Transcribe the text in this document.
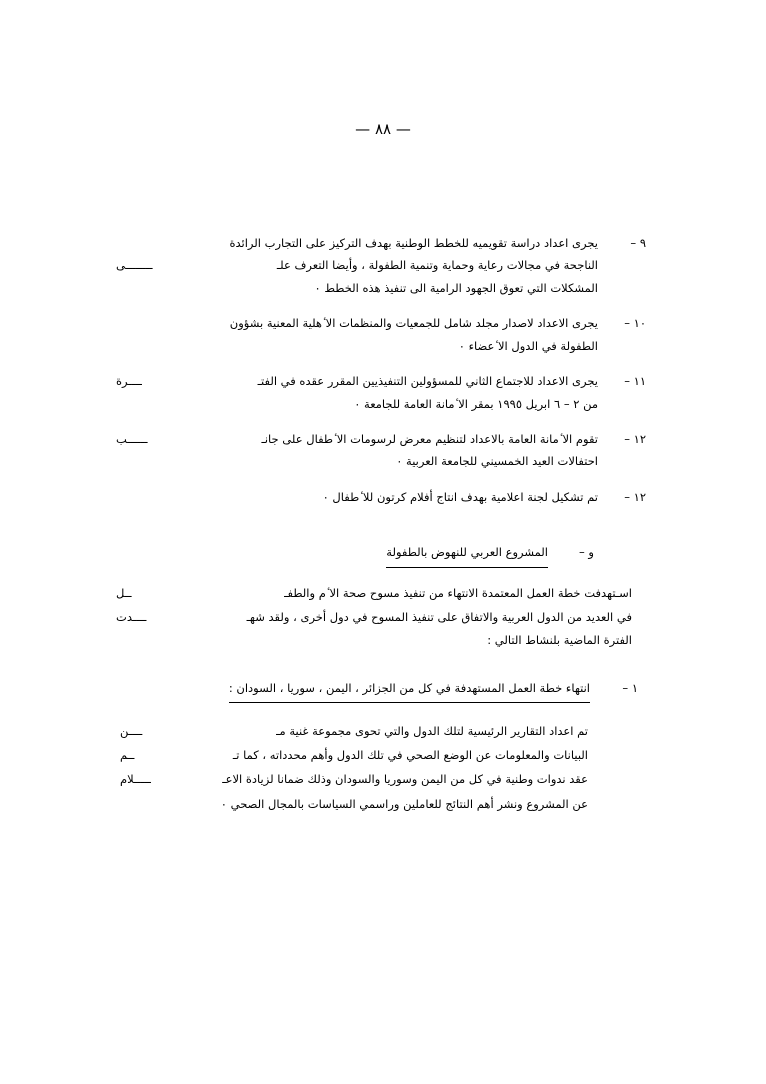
— ٨٨ —
٩ –
يجرى اعداد دراسة تقويميه للخطط الوطنية بهدف التركيز على التجارب الرائدة
الناجحة في مجالات رعاية وحماية وتنمية الطفولة ، وأيضا التعرف علـ
ــــــــى
المشكلات التي تعوق الجهود الرامية الى تنفيذ هذه الخطط ٠
١٠ –
يجرى الاعداد لاصدار مجلد شامل للجمعيات والمنظمات الا ٔهلية المعنية بشؤون
الطفولة في الدول الا ٔعضاء ٠
١١ –
يجرى الاعداد للاجتماع الثاني للمسؤولين التنفيذيين المقرر عقده في الفتـ
ــــرة
من ٢ – ٦ ابريل ١٩٩٥ بمقر الا ٔمانة العامة للجامعة ٠
١٢ –
تقوم الا ٔمانة العامة بالاعداد لتنظيم معرض لرسومات الا ٔطفال على جانـ
ــــــب
احتفالات العيد الخمسيني للجامعة العربية ٠
١٢ –
تم تشكيل لجنة اعلامية بهدف انتاج أفلام كرتون للا ٔطفال ٠
و –
المشروع العربي للنهوض بالطفولة
اسـتهدفت خطة العمل المعتمدة الانتهاء من تنفيذ مسوح صحة الا ٔم والطفـ
ــل
في العديد من الدول العربية والاتفاق على تنفيذ المسوح في دول أخرى ، ولقد شهـ
ــــدت
الفترة الماضية بلنشاط التالي :
١ –
انتهاء خطة العمل المستهدفة في كل من الجزائر ، اليمن ، سوريا ، السودان :
تم اعداد التقارير الرئيسية لتلك الدول والتي تحوى مجموعة غنية مـ
ــــن
البيانات والمعلومات عن الوضع الصحي في تلك الدول وأهم محدداته ، كما تـ
ــم
عقد ندوات وطنية في كل من اليمن وسوريا والسودان وذلك ضمانا لزيادة الاعـ
ـــــلام
عن المشروع ونشر أهم النتائج للعاملين وراسمي السياسات بالمجال الصحي ٠
